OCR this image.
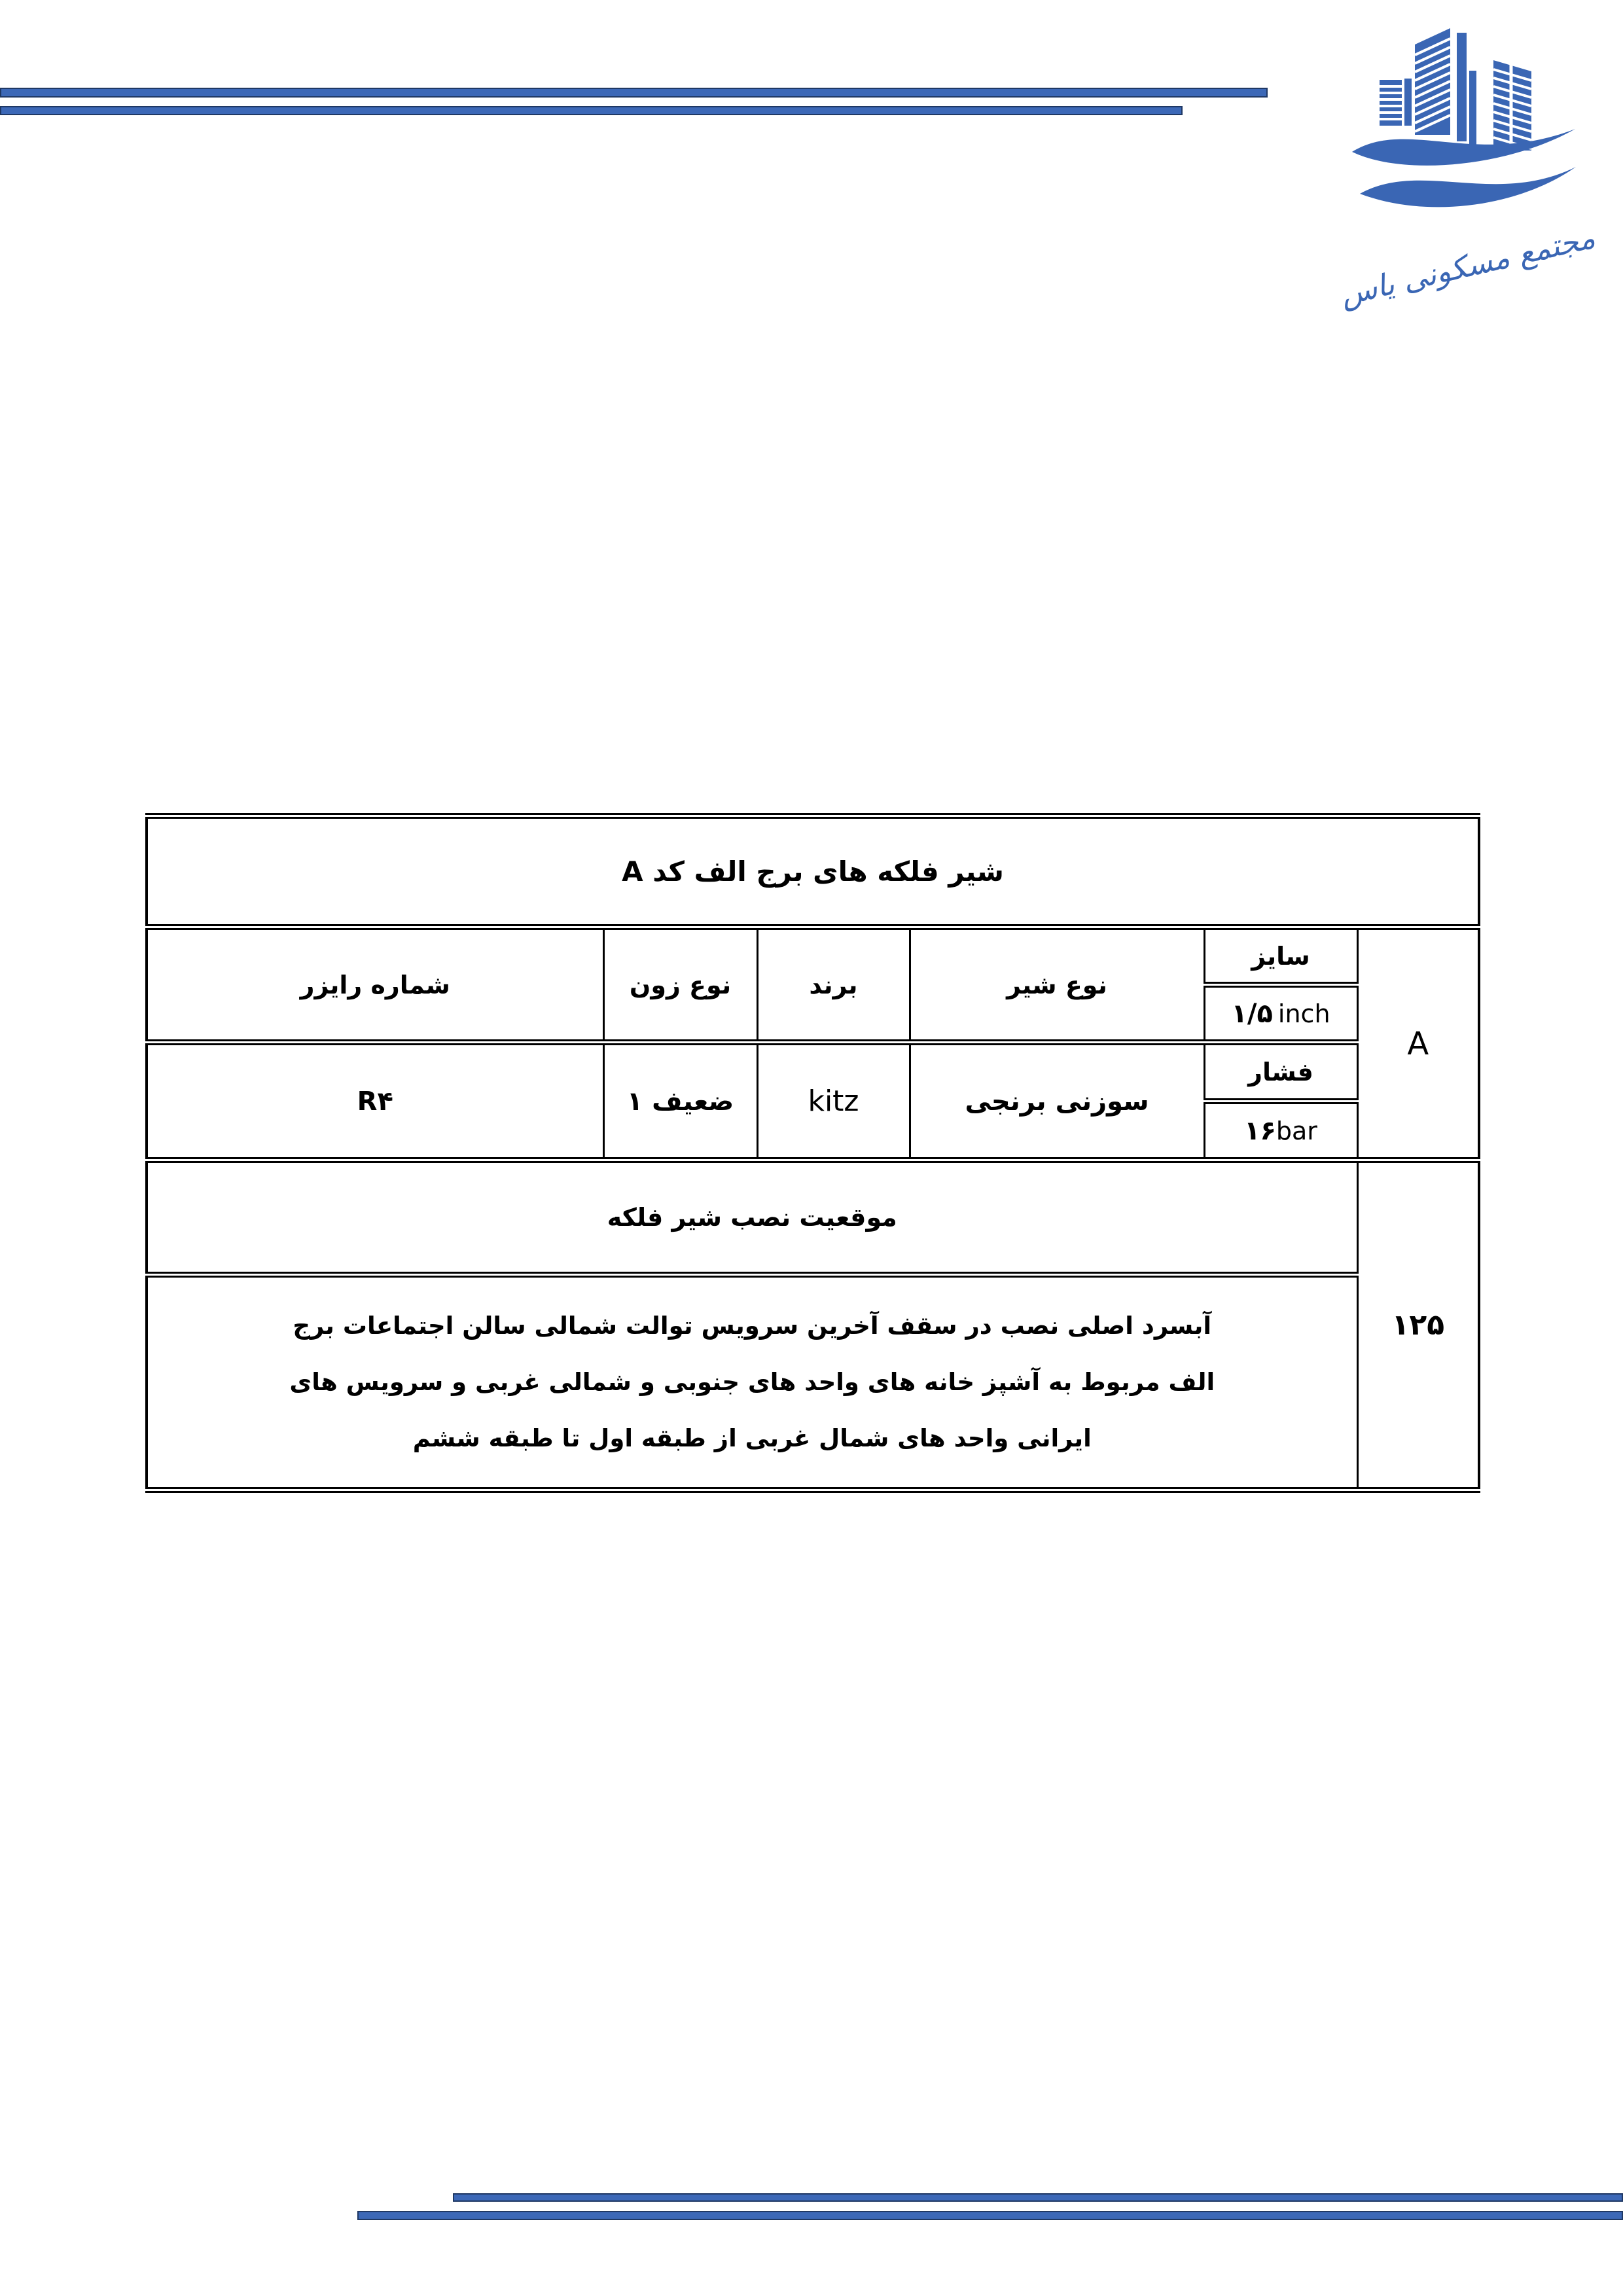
مجتمع مسکونی یاس
شیر فلکه های برج الف کد A					
شماره رایزر	نوع زون	برند	نوع شیر	سایز	A
				۱/۵ inch	
R۴	ضعیف ۱	kitz	سوزنی برنجی	فشار	
				۱۶bar	
موقعیت نصب شیر فلکه					۱۲۵

آبسرد اصلی نصب در سقف آخرین سرویس توالت شمالی سالن اجتماعات برج
الف مربوط به آشپز خانه های واحد های جنوبی و شمالی غربی و سرویس های
ایرانی واحد های شمال غربی از طبقه اول تا طبقه ششم					
